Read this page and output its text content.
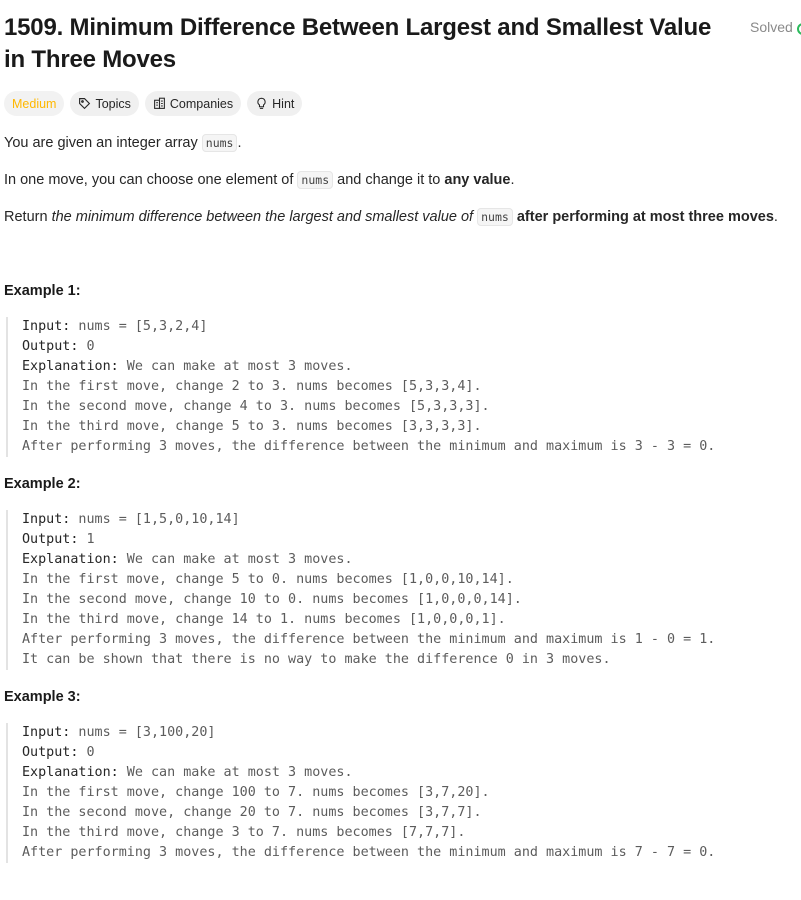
1509. Minimum Difference Between Largest and Smallest Value in Three Moves
Solved
Medium	Topics	Companies	Hint

You are given an integer array nums .

In one move, you can choose one element of nums and change it to any value.

Return the minimum difference between the largest and smallest value of nums after performing at most three moves.

Example 1:
Input: nums = [5,3,2,4]
Output: 0
Explanation: We can make at most 3 moves.
In the first move, change 2 to 3. nums becomes [5,3,3,4].
In the second move, change 4 to 3. nums becomes [5,3,3,3].
In the third move, change 5 to 3. nums becomes [3,3,3,3].
After performing 3 moves, the difference between the minimum and maximum is 3 - 3 = 0.
Example 2:
Input: nums = [1,5,0,10,14]
Output: 1
Explanation: We can make at most 3 moves.
In the first move, change 5 to 0. nums becomes [1,0,0,10,14].
In the second move, change 10 to 0. nums becomes [1,0,0,0,14].
In the third move, change 14 to 1. nums becomes [1,0,0,0,1].
After performing 3 moves, the difference between the minimum and maximum is 1 - 0 = 1.
It can be shown that there is no way to make the difference 0 in 3 moves.
Example 3:
Input: nums = [3,100,20]
Output: 0
Explanation: We can make at most 3 moves.
In the first move, change 100 to 7. nums becomes [3,7,20].
In the second move, change 20 to 7. nums becomes [3,7,7].
In the third move, change 3 to 7. nums becomes [7,7,7].
After performing 3 moves, the difference between the minimum and maximum is 7 - 7 = 0.
